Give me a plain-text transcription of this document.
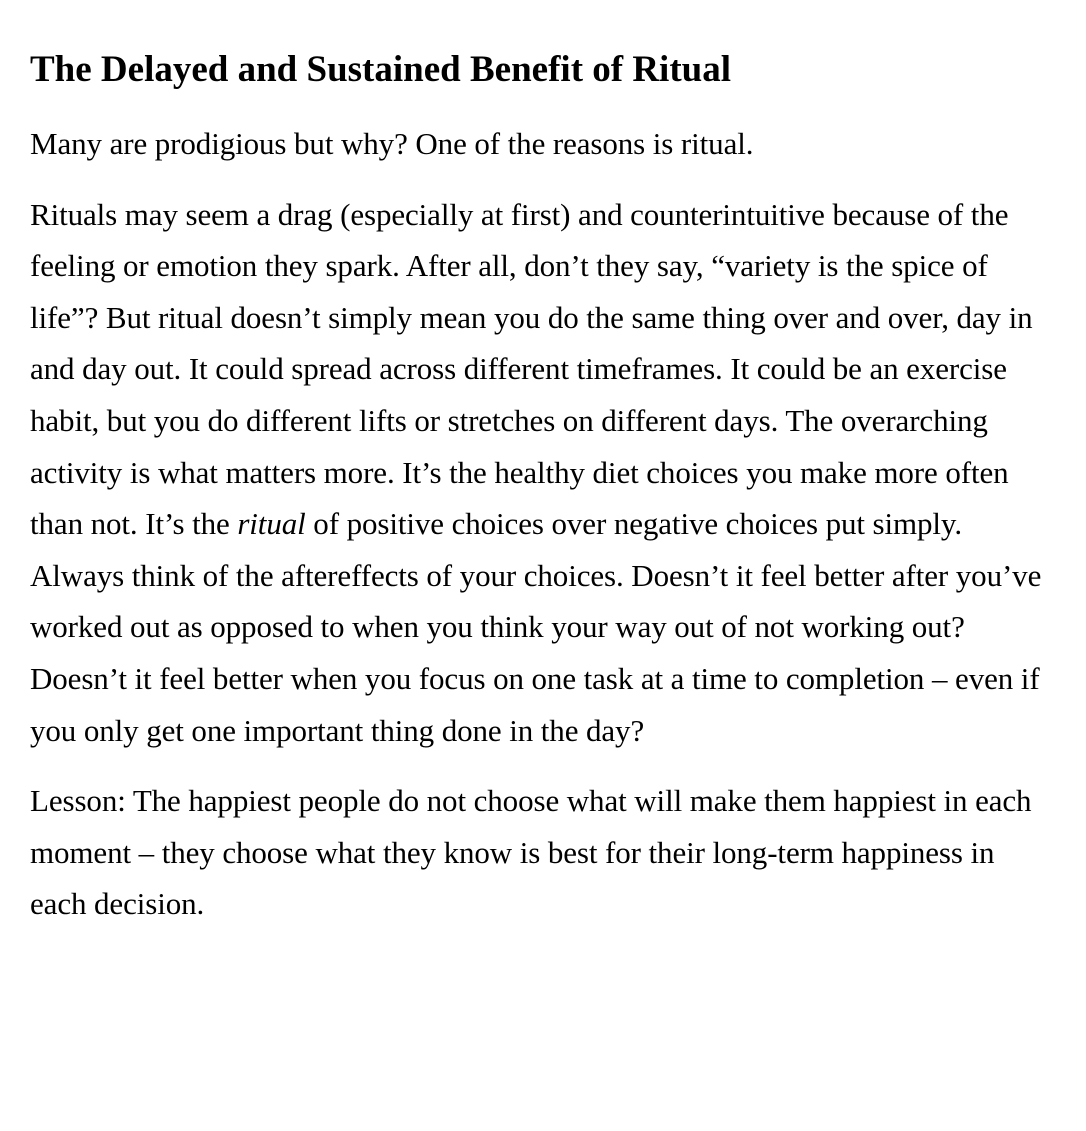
The Delayed and Sustained Benefit of Ritual

Many are prodigious but why? One of the reasons is ritual.

Rituals may seem a drag (especially at first) and counterintuitive because of the feeling or emotion they spark. After all, don’t they say, “variety is the spice of life”? But ritual doesn’t simply mean you do the same thing over and over, day in and day out. It could spread across different timeframes. It could be an exercise habit, but you do different lifts or stretches on different days. The overarching activity is what matters more. It’s the healthy diet choices you make more often than not. It’s the ritual of positive choices over negative choices put simply. Always think of the aftereffects of your choices. Doesn’t it feel better after you’ve worked out as opposed to when you think your way out of not working out? Doesn’t it feel better when you focus on one task at a time to completion – even if you only get one important thing done in the day?

Lesson: The happiest people do not choose what will make them happiest in each moment – they choose what they know is best for their long-term happiness in each decision.
